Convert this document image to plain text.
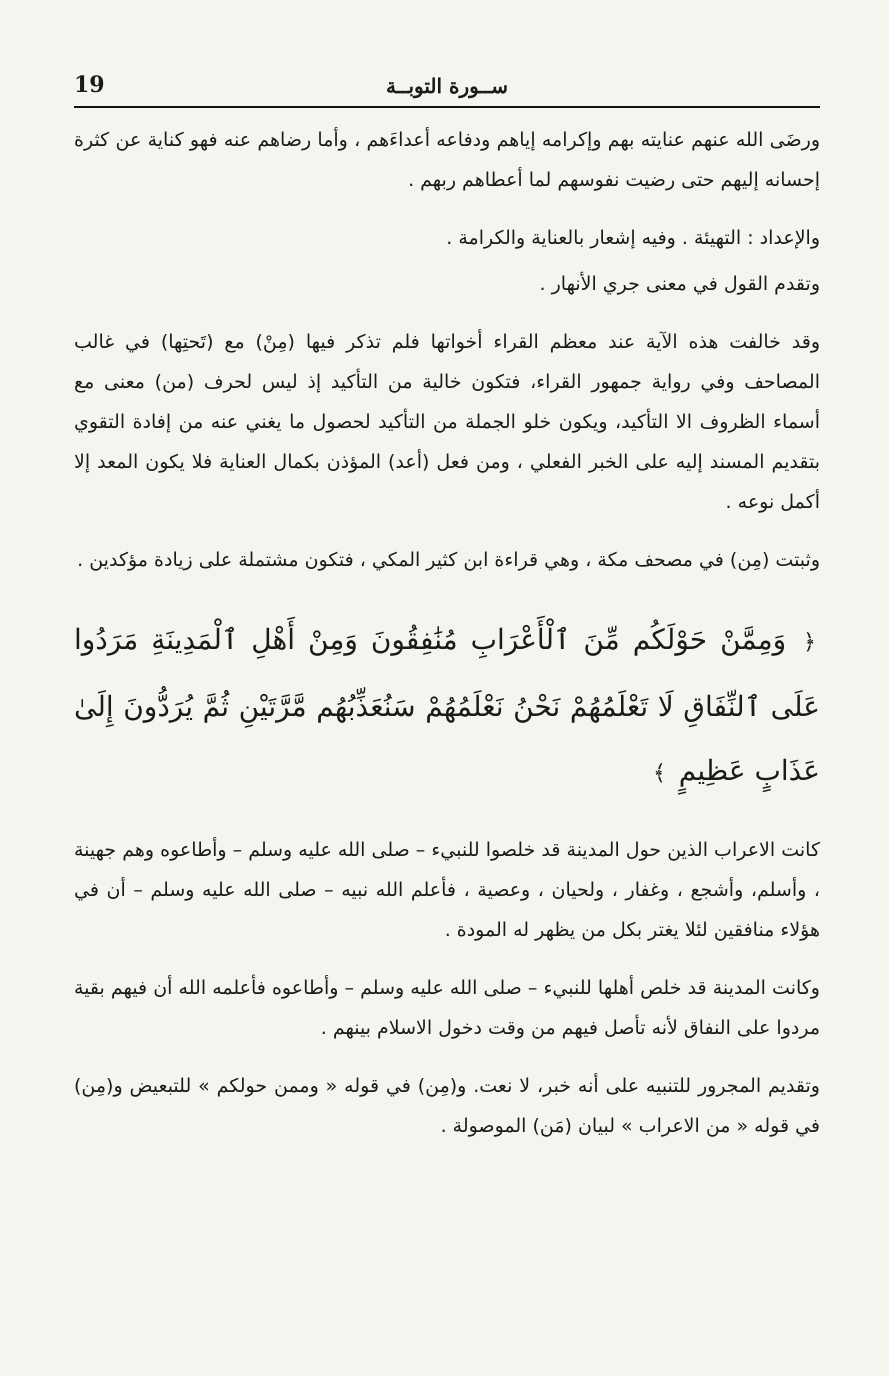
19	ســورة التوبــة

ورضَى الله عنهم عنايته بهم وإكرامه إياهم ودفاعه أعداءَهم ، وأما رضاهم عنه فهو كناية عن كثرة إحسانه إليهم حتى رضيت نفوسهم لما أعطاهم ربهم .

والإعداد : التهيئة . وفيه إشعار بالعناية والكرامة .

وتقدم القول في معنى جري الأنهار .

وقد خالفت هذه الآية عند معظم القراء أخواتها فلم تذكر فيها (مِنْ) مع (تَحتِها) في غالب المصاحف وفي رواية جمهور القراء، فتكون خالية من التأكيد إذ ليس لحرف (من) معنى مع أسماء الظروف الا التأكيد، ويكون خلو الجملة من التأكيد لحصول ما يغني عنه من إفادة التقوي بتقديم المسند إليه على الخبر الفعلي ، ومن فعل (أعد) المؤذن بكمال العناية فلا يكون المعد إلا أكمل نوعه .

وثبتت (مِن) في مصحف مكة ، وهي قراءة ابن كثير المكي ، فتكون مشتملة على زيادة مؤكدين .

﴿ وَمِمَّنْ حَوْلَكُم مِّنَ ٱلْأَعْرَابِ مُنَٰفِقُونَ وَمِنْ أَهْلِ ٱلْمَدِينَةِ مَرَدُوا عَلَى ٱلنِّفَاقِ لَا تَعْلَمُهُمْ نَحْنُ نَعْلَمُهُمْ سَنُعَذِّبُهُم مَّرَّتَيْنِ ثُمَّ يُرَدُّونَ إِلَىٰ عَذَابٍ عَظِيمٍ ﴾

كانت الاعراب الذين حول المدينة قد خلصوا للنبيء – صلى الله عليه وسلم – وأطاعوه وهم جهينة ، وأسلم، وأشجع ، وغفار ، ولحيان ، وعصية ، فأعلم الله نبيه – صلى الله عليه وسلم – أن في هؤلاء منافقين لئلا يغتر بكل من يظهر له المودة .

وكانت المدينة قد خلص أهلها للنبيء – صلى الله عليه وسلم – وأطاعوه فأعلمه الله أن فيهم بقية مردوا على النفاق لأنه تأصل فيهم من وقت دخول الاسلام بينهم .

وتقديم المجرور للتنبيه على أنه خبر، لا نعت. و(مِن) في قوله « وممن حولكم » للتبعيض و(مِن) في قوله « من الاعراب » لبيان (مَن) الموصولة .
